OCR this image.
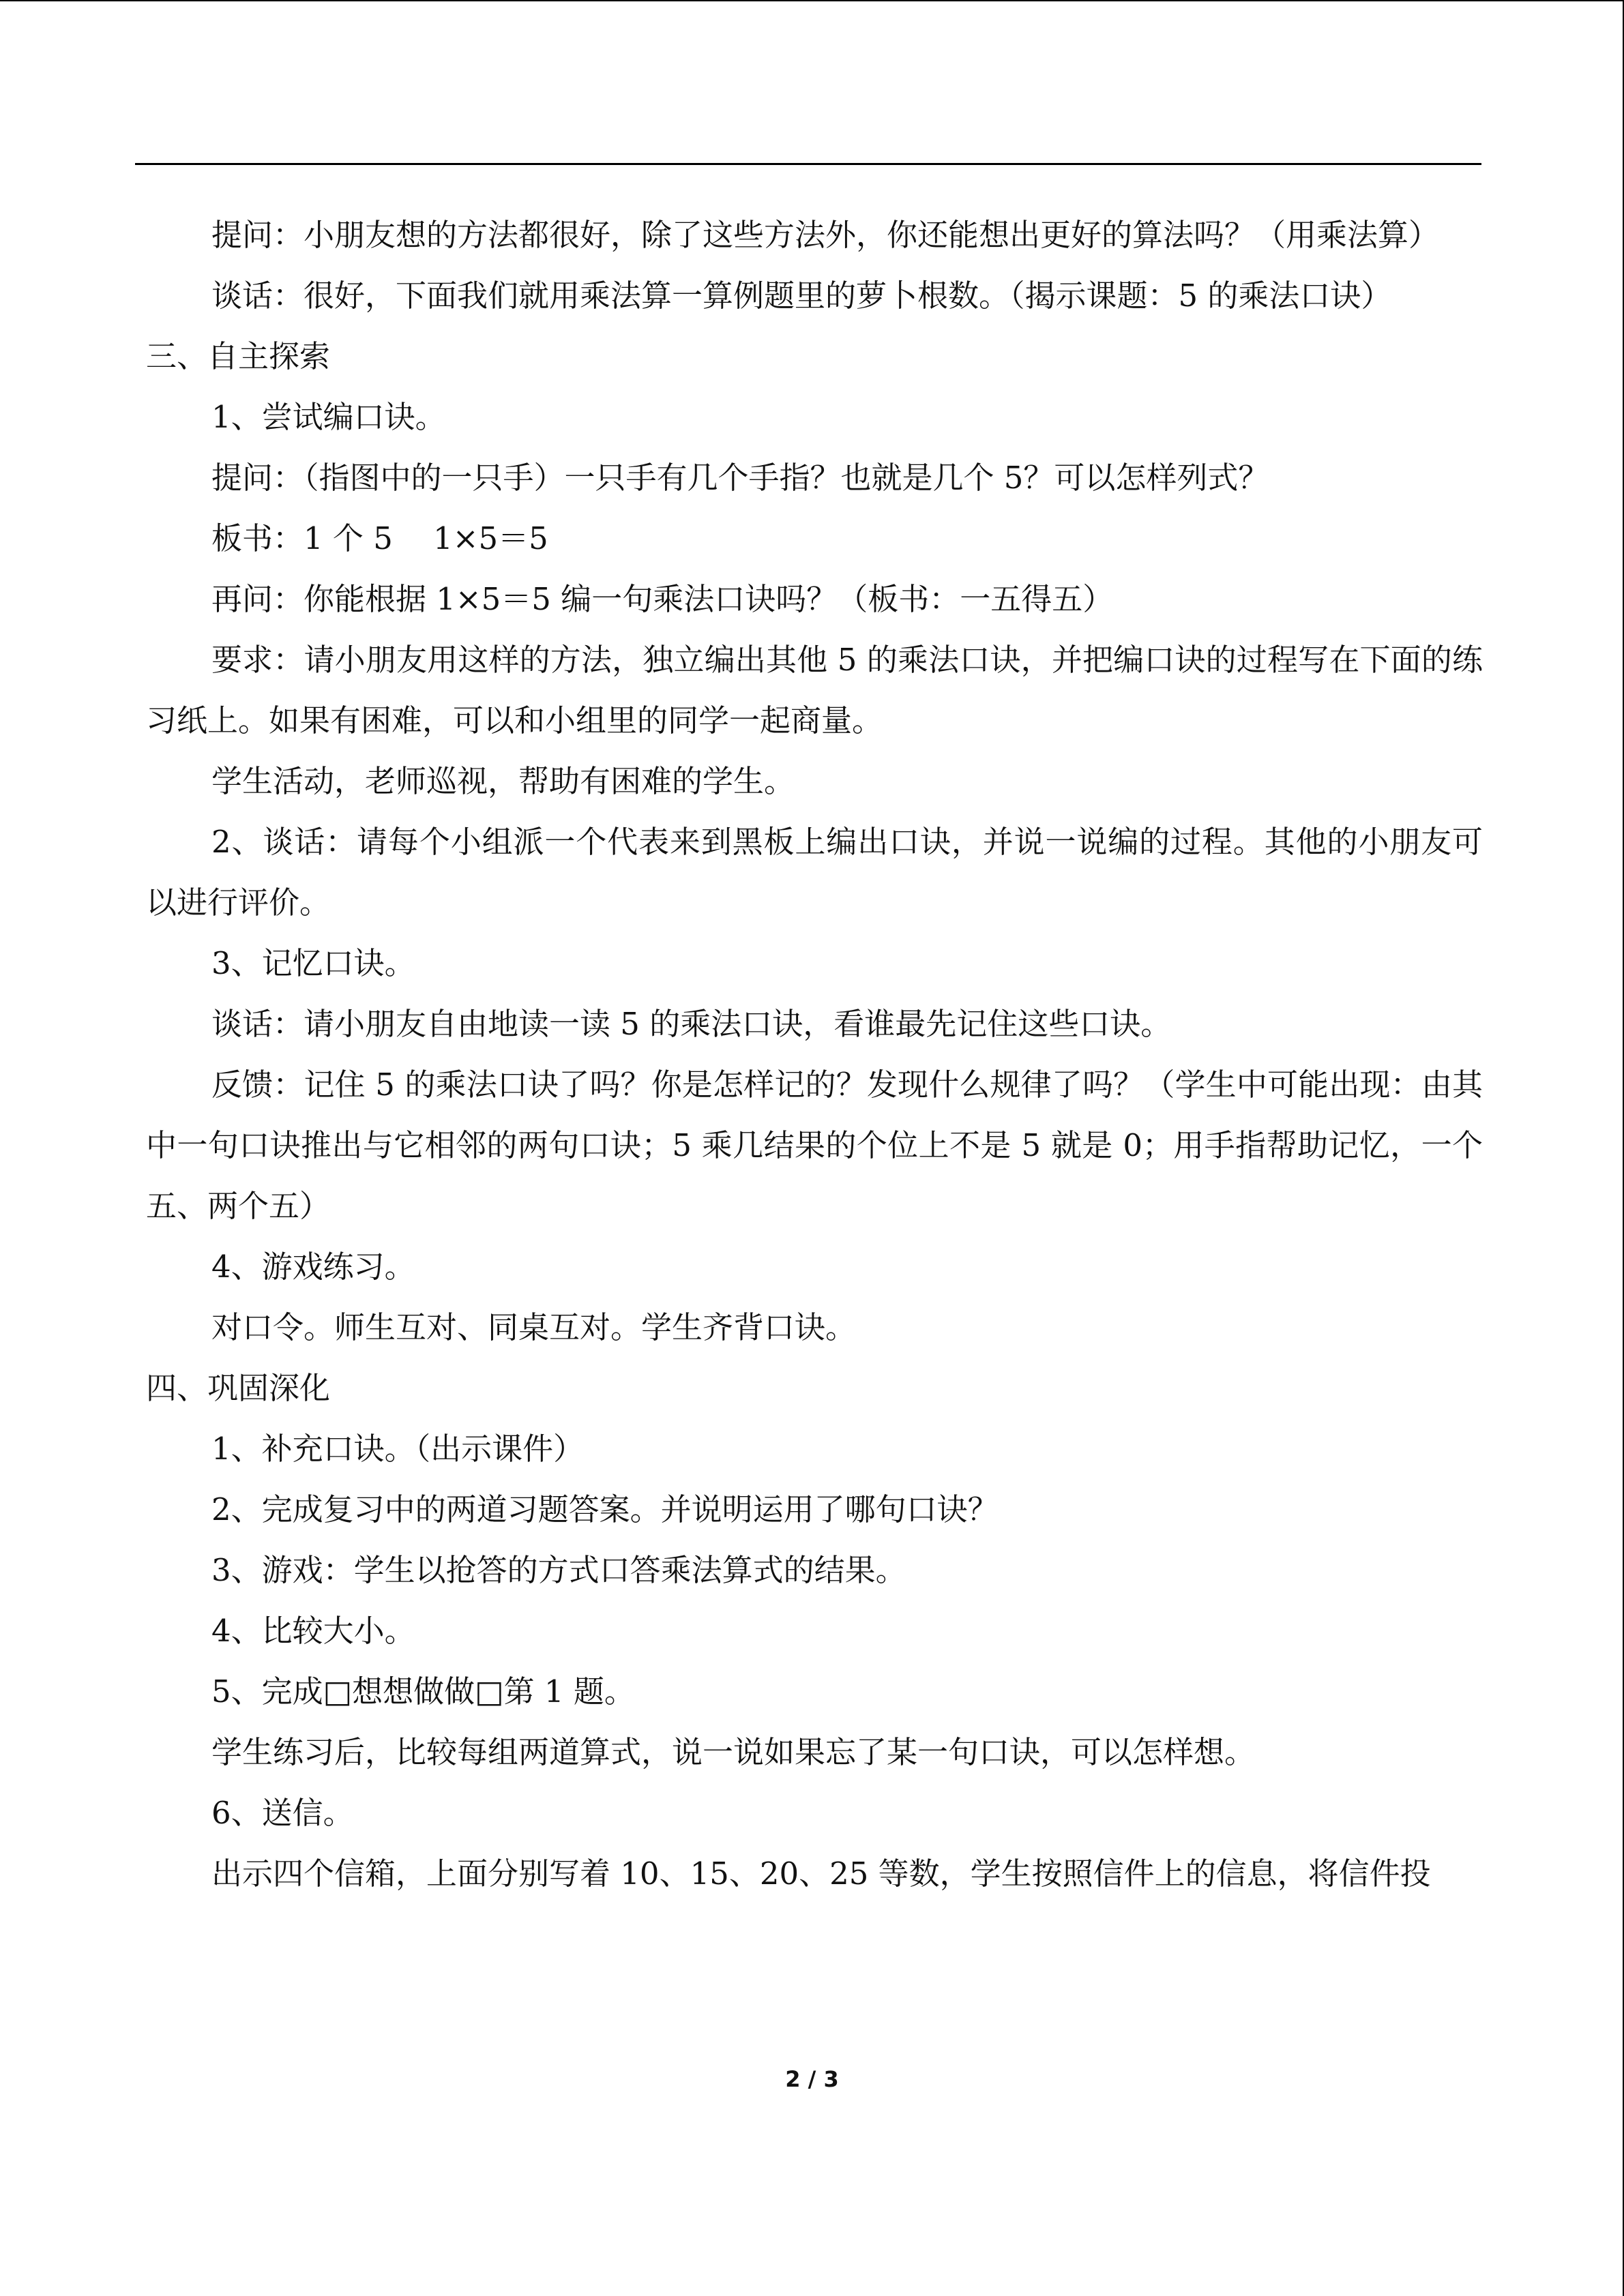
提问：小朋友想的方法都很好，除了这些方法外，你还能想出更好的算法吗？（用乘法算）

谈话：很好，下面我们就用乘法算一算例题里的萝卜根数。（揭示课题：5 的乘法口诀）

三、自主探索

1、尝试编口诀。

提问：（指图中的一只手）一只手有几个手指？也就是几个 5？可以怎样列式？

板书：1 个 5　 1×5＝5

再问：你能根据 1×5＝5 编一句乘法口诀吗？（板书：一五得五）

要求：请小朋友用这样的方法，独立编出其他 5 的乘法口诀，并把编口诀的过程写在下面的练习纸上。如果有困难，可以和小组里的同学一起商量。

学生活动，老师巡视，帮助有困难的学生。

2、谈话：请每个小组派一个代表来到黑板上编出口诀，并说一说编的过程。其他的小朋友可以进行评价。

3、记忆口诀。

谈话：请小朋友自由地读一读 5 的乘法口诀，看谁最先记住这些口诀。

反馈：记住 5 的乘法口诀了吗？你是怎样记的？发现什么规律了吗？（学生中可能出现：由其中一句口诀推出与它相邻的两句口诀；5 乘几结果的个位上不是 5 就是 0；用手指帮助记忆，一个五、两个五）

4、游戏练习。

对口令。师生互对、同桌互对。学生齐背口诀。

四、巩固深化

1、补充口诀。（出示课件）

2、完成复习中的两道习题答案。并说明运用了哪句口诀？

3、游戏：学生以抢答的方式口答乘法算式的结果。

4、比较大小。

5、完成□想想做做□第 1 题。

学生练习后，比较每组两道算式，说一说如果忘了某一句口诀，可以怎样想。

6、送信。

出示四个信箱，上面分别写着 10、15、20、25 等数，学生按照信件上的信息，将信件投

2 / 3
